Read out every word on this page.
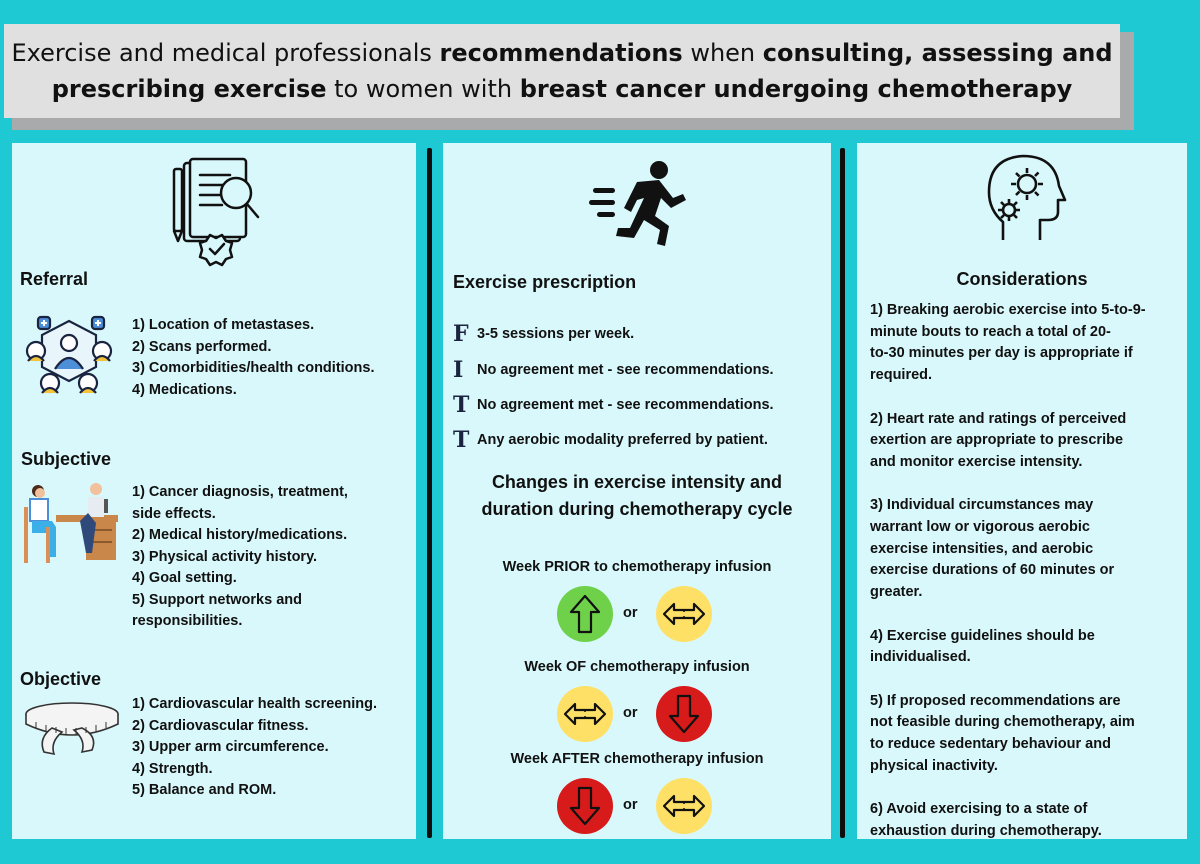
Exercise and medical professionals recommendations when consulting, assessing and
prescribing exercise to women with breast cancer undergoing chemotherapy
Referral
1) Location of metastases.
2) Scans performed.
3) Comorbidities/health conditions.
4) Medications.
Subjective
1) Cancer diagnosis, treatment,
side effects.
2) Medical history/medications.
3) Physical activity history.
4) Goal setting.
5) Support networks and
responsibilities.
Objective
1) Cardiovascular health screening.
2) Cardiovascular fitness.
3) Upper arm circumference.
4) Strength.
5) Balance and ROM.
Exercise prescription
F 3-5 sessions per week.
I No agreement met - see recommendations.
T No agreement met - see recommendations.
T Any aerobic modality preferred by patient.
Changes in exercise intensity and
duration during chemotherapy cycle
Week PRIOR to chemotherapy infusion
or
Week OF chemotherapy infusion
or
Week AFTER chemotherapy infusion
or
Considerations

1) Breaking aerobic exercise into 5-to-9-
minute bouts to reach a total of 20-
to-30 minutes per day is appropriate if
required.

2) Heart rate and ratings of perceived
exertion are appropriate to prescribe
and monitor exercise intensity.

3) Individual circumstances may
warrant low or vigorous aerobic
exercise intensities, and aerobic
exercise durations of 60 minutes or
greater.

4) Exercise guidelines should be
individualised.

5) If proposed recommendations are
not feasible during chemotherapy, aim
to reduce sedentary behaviour and
physical inactivity.

6) Avoid exercising to a state of
exhaustion during chemotherapy.
